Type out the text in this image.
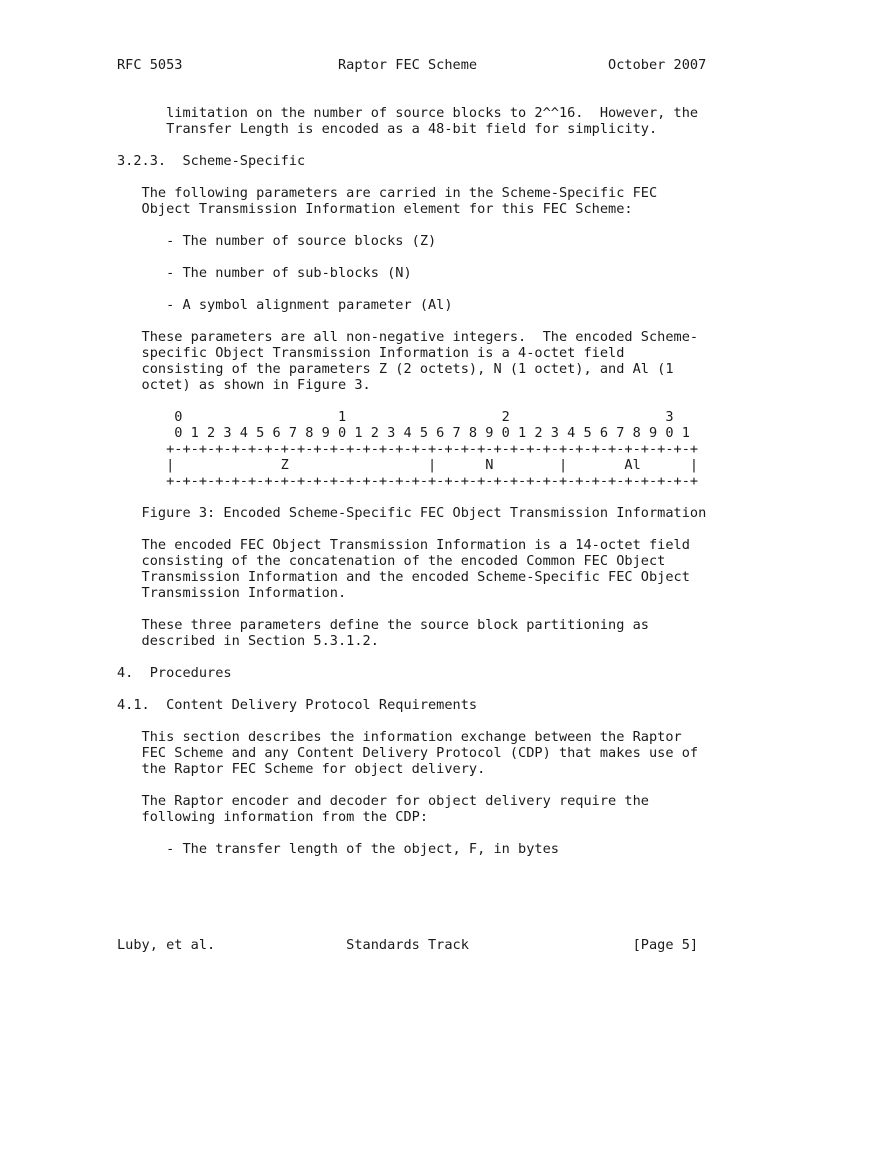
RFC 5053                   Raptor FEC Scheme                October 2007

limitation on the number of source blocks to 2^^16.  However, the
Transfer Length is encoded as a 48-bit field for simplicity.

3.2.3.  Scheme-Specific

The following parameters are carried in the Scheme-Specific FEC
Object Transmission Information element for this FEC Scheme:

- The number of source blocks (Z)

- The number of sub-blocks (N)

- A symbol alignment parameter (Al)

These parameters are all non-negative integers.  The encoded Scheme-
specific Object Transmission Information is a 4-octet field
consisting of the parameters Z (2 octets), N (1 octet), and Al (1
octet) as shown in Figure 3.

0                   1                   2                   3
0 1 2 3 4 5 6 7 8 9 0 1 2 3 4 5 6 7 8 9 0 1 2 3 4 5 6 7 8 9 0 1
+-+-+-+-+-+-+-+-+-+-+-+-+-+-+-+-+-+-+-+-+-+-+-+-+-+-+-+-+-+-+-+-+
|             Z                 |      N        |       Al      |
+-+-+-+-+-+-+-+-+-+-+-+-+-+-+-+-+-+-+-+-+-+-+-+-+-+-+-+-+-+-+-+-+

Figure 3: Encoded Scheme-Specific FEC Object Transmission Information

The encoded FEC Object Transmission Information is a 14-octet field
consisting of the concatenation of the encoded Common FEC Object
Transmission Information and the encoded Scheme-Specific FEC Object
Transmission Information.

These three parameters define the source block partitioning as
described in Section 5.3.1.2.

4.  Procedures

4.1.  Content Delivery Protocol Requirements

This section describes the information exchange between the Raptor
FEC Scheme and any Content Delivery Protocol (CDP) that makes use of
the Raptor FEC Scheme for object delivery.

The Raptor encoder and decoder for object delivery require the
following information from the CDP:

- The transfer length of the object, F, in bytes

Luby, et al.                Standards Track                    [Page 5]
